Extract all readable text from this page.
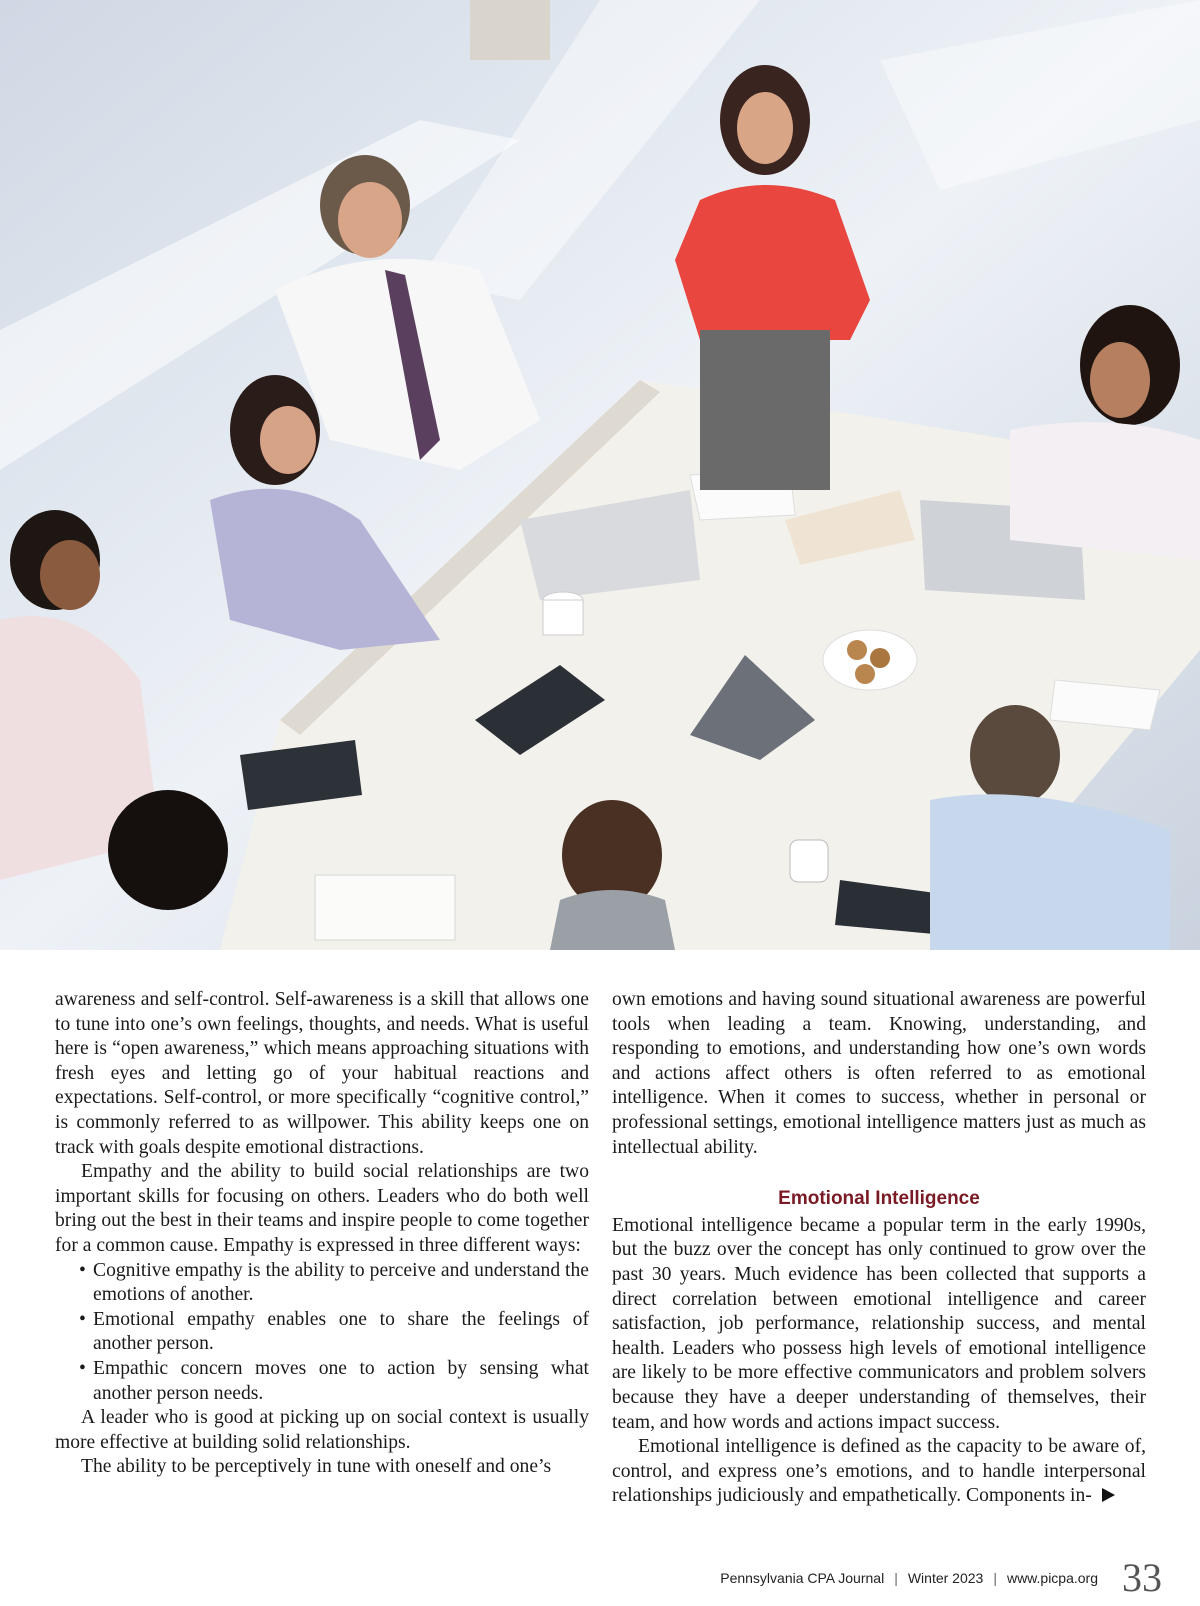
awareness and self-control. Self-awareness is a skill that allows one to tune into one’s own feelings, thoughts, and needs. What is useful here is “open awareness,” which means approaching situations with fresh eyes and letting go of your habitual reactions and expectations. Self-control, or more specifically “cognitive control,” is commonly referred to as willpower. This ability keeps one on track with goals despite emotional distractions.

Empathy and the ability to build social relationships are two important skills for focusing on others. Leaders who do both well bring out the best in their teams and inspire people to come together for a common cause. Empathy is expressed in three different ways:

• Cognitive empathy is the ability to perceive and understand the emotions of another.
• Emotional empathy enables one to share the feelings of another person.
• Empathic concern moves one to action by sensing what another person needs.

A leader who is good at picking up on social context is usually more effective at building solid relationships.

The ability to be perceptively in tune with oneself and one’s

own emotions and having sound situational awareness are powerful tools when leading a team. Knowing, understanding, and responding to emotions, and understanding how one’s own words and actions affect others is often referred to as emotional intelligence. When it comes to success, whether in personal or professional settings, emotional intelligence matters just as much as intellectual ability.

Emotional Intelligence

Emotional intelligence became a popular term in the early 1990s, but the buzz over the concept has only continued to grow over the past 30 years. Much evidence has been collected that supports a direct correlation between emotional intelligence and career satisfaction, job performance, relationship success, and mental health. Leaders who possess high levels of emotional intelligence are likely to be more effective communicators and problem solvers because they have a deeper understanding of themselves, their team, and how words and actions impact success.

Emotional intelligence is defined as the capacity to be aware of, control, and express one’s emotions, and to handle interpersonal relationships judiciously and empathetically. Components in-

Pennsylvania CPA Journal | Winter 2023 | www.picpa.org 33
